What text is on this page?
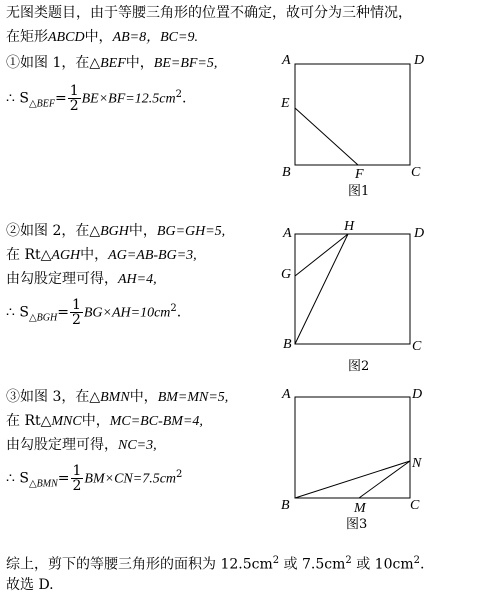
无图类题目，由于等腰三角形的位置不确定，故可分为三种情况，
在矩形ABCD中，AB=8，BC=9.
①如图 1，在△BEF中，BE=BF=5,
∴ $S_{\triangle BEF}= \frac{1}{2} BE\times BF=12.5cm^2$.
②如图 2，在△BGH中，BG=GH=5,
在 Rt△AGH中，AG=AB-BG=3,
由勾股定理可得，AH=4,
∴ $S_{\triangle BGH}= \frac{1}{2} BG\times AH=10cm^2$.
③如图 3，在△BMN中，BM=MN=5,
在 Rt△MNC中，MC=BC-BM=4,
由勾股定理可得，NC=3,
∴ $S_{\triangle BMN}= \frac{1}{2} BM\times CN=7.5cm^2$
综上，剪下的等腰三角形的面积为 $12.5cm^2$ 或 $7.5cm^2$ 或 $10cm^2$.
故选 D.
A	D
E
B	F	C
图1
A	H	D
G
B	C
图2
A	D
N
B	M	C
图3
